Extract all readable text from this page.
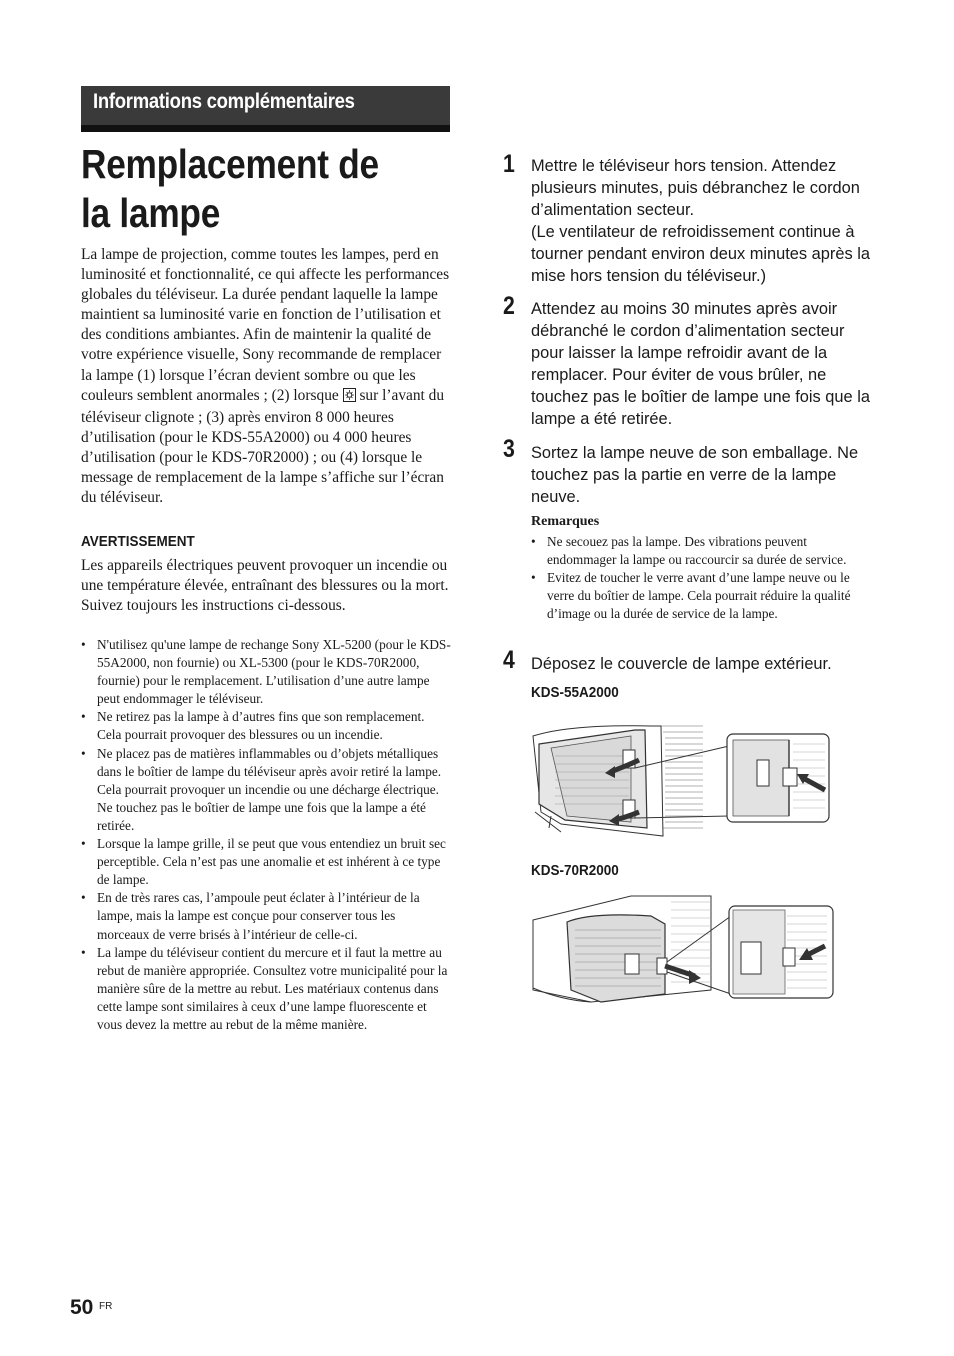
Informations complémentaires
Remplacement de la lampe
La lampe de projection, comme toutes les lampes, perd en luminosité et fonctionnalité, ce qui affecte les performances globales du téléviseur. La durée pendant laquelle la lampe maintient sa luminosité varie en fonction de l’utilisation et des conditions ambiantes. Afin de maintenir la qualité de votre expérience visuelle, Sony recommande de remplacer la lampe (1) lorsque l’écran devient sombre ou que les couleurs semblent anormales ; (2) lorsque sur l’avant du téléviseur clignote ; (3) après environ 8 000 heures d’utilisation (pour le KDS-55A2000) ou 4 000 heures d’utilisation (pour le KDS-70R2000) ; ou (4) lorsque le message de remplacement de la lampe s’affiche sur l’écran du téléviseur.
AVERTISSEMENT
Les appareils électriques peuvent provoquer un incendie ou une température élevée, entraînant des blessures ou la mort. Suivez toujours les instructions ci-dessous.
• N'utilisez qu'une lampe de rechange Sony XL-5200 (pour le KDS-55A2000, non fournie) ou XL-5300 (pour le KDS-70R2000, fournie) pour le remplacement. L’utilisation d’une autre lampe peut endommager le téléviseur.
• Ne retirez pas la lampe à d’autres fins que son remplacement. Cela pourrait provoquer des blessures ou un incendie.
• Ne placez pas de matières inflammables ou d’objets métalliques dans le boîtier de lampe du téléviseur après avoir retiré la lampe. Cela pourrait provoquer un incendie ou une décharge électrique. Ne touchez pas le boîtier de lampe une fois que la lampe a été retirée.
• Lorsque la lampe grille, il se peut que vous entendiez un bruit sec perceptible. Cela n’est pas une anomalie et est inhérent à ce type de lampe.
• En de très rares cas, l’ampoule peut éclater à l’intérieur de la lampe, mais la lampe est conçue pour conserver tous les morceaux de verre brisés à l’intérieur de celle-ci.
• La lampe du téléviseur contient du mercure et il faut la mettre au rebut de manière appropriée. Consultez votre municipalité pour la manière sûre de la mettre au rebut. Les matériaux contenus dans cette lampe sont similaires à ceux d’une lampe fluorescente et vous devez la mettre au rebut de la même manière.
1 Mettre le téléviseur hors tension. Attendez plusieurs minutes, puis débranchez le cordon d’alimentation secteur.
(Le ventilateur de refroidissement continue à tourner pendant environ deux minutes après la mise hors tension du téléviseur.)
2 Attendez au moins 30 minutes après avoir débranché le cordon d’alimentation secteur pour laisser la lampe refroidir avant de la remplacer. Pour éviter de vous brûler, ne touchez pas le boîtier de lampe une fois que la lampe a été retirée.
3 Sortez la lampe neuve de son emballage. Ne touchez pas la partie en verre de la lampe neuve.
Remarques
• Ne secouez pas la lampe. Des vibrations peuvent endommager la lampe ou raccourcir sa durée de service.
• Evitez de toucher le verre avant d’une lampe neuve ou le verre du boîtier de lampe. Cela pourrait réduire la qualité d’image ou la durée de service de la lampe.
4 Déposez le couvercle de lampe extérieur.
KDS-55A2000
KDS-70R2000
50 FR
